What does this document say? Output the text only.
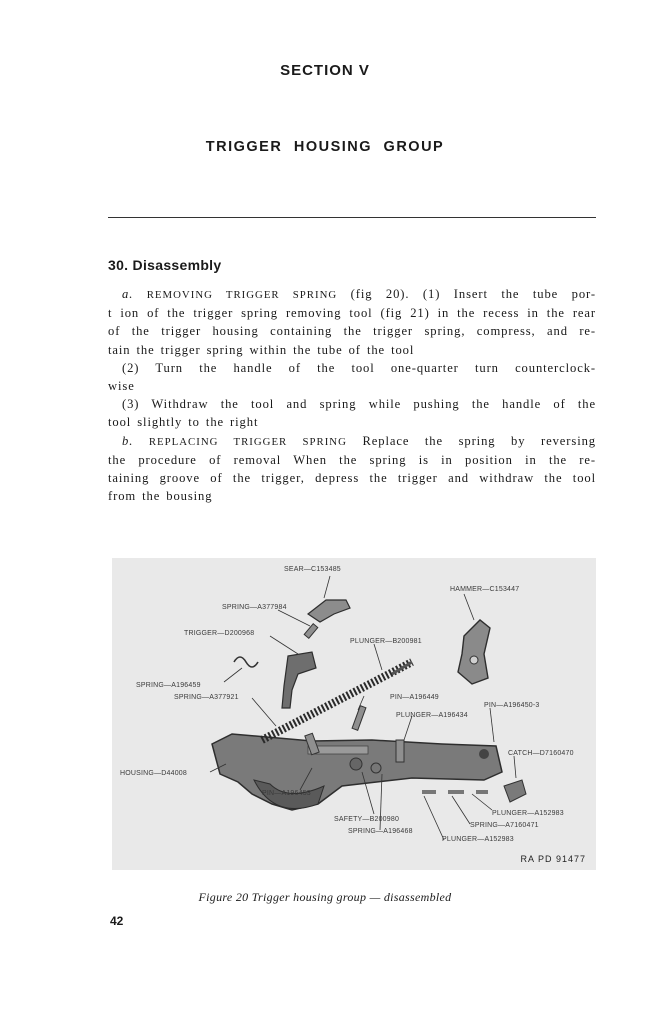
SECTION V
TRIGGER HOUSING GROUP
30. Disassembly

a. REMOVING TRIGGER SPRING (fig 20). (1) Insert the tube por-

t ion of the trigger spring removing tool (fig 21) in the recess in the rear

of the trigger housing containing the trigger spring, compress, and re-

tain the trigger spring within the tube of the tool

(2) Turn the handle of the tool one-quarter turn counterclock-

wise

(3) Withdraw the tool and spring while pushing the handle of the

tool slightly to the right

b. REPLACING TRIGGER SPRING Replace the spring by reversing

the procedure of removal When the spring is in position in the re-

taining groove of the trigger, depress the trigger and withdraw the tool

from the bousing

SEAR—C153485
HAMMER—C153447
SPRING—A377984
TRIGGER—D200968
PLUNGER—B200981
SPRING—A196459
SPRING—A377921	PIN—A196449
PIN—A196450-3
PLUNGER—A196434
CATCH—D7160470
HOUSING—D44008
PIN—A196453
PLUNGER—A152983
SAFETY—B200980
SPRING—A7160471
SPRING—A196468
PLUNGER—A152983
RA PD 91477
Figure 20 Trigger housing group — disassembled
42
